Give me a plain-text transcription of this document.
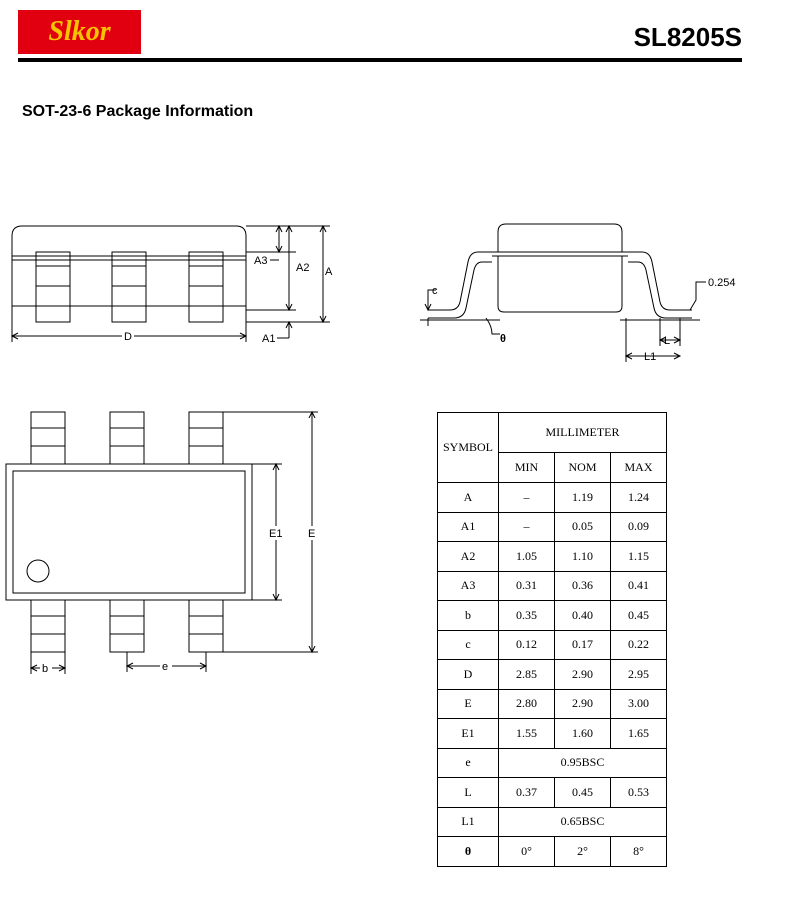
Slkor	SL8205S
SOT-23-6 Package Information
A3
A2 A
A1
D
c
θ
0.254
L
L1
E1 E
b	e
SYMBOL	MILLIMETER		
	MIN	NOM	MAX
A	–	1.19	1.24
A1	–	0.05	0.09
A2	1.05	1.10	1.15
A3	0.31	0.36	0.41
b	0.35	0.40	0.45
c	0.12	0.17	0.22
D	2.85	2.90	2.95
E	2.80	2.90	3.00
E1	1.55	1.60	1.65
e	0.95BSC		
L	0.37	0.45	0.53
L1	0.65BSC		
θ	0°	2°	8°
